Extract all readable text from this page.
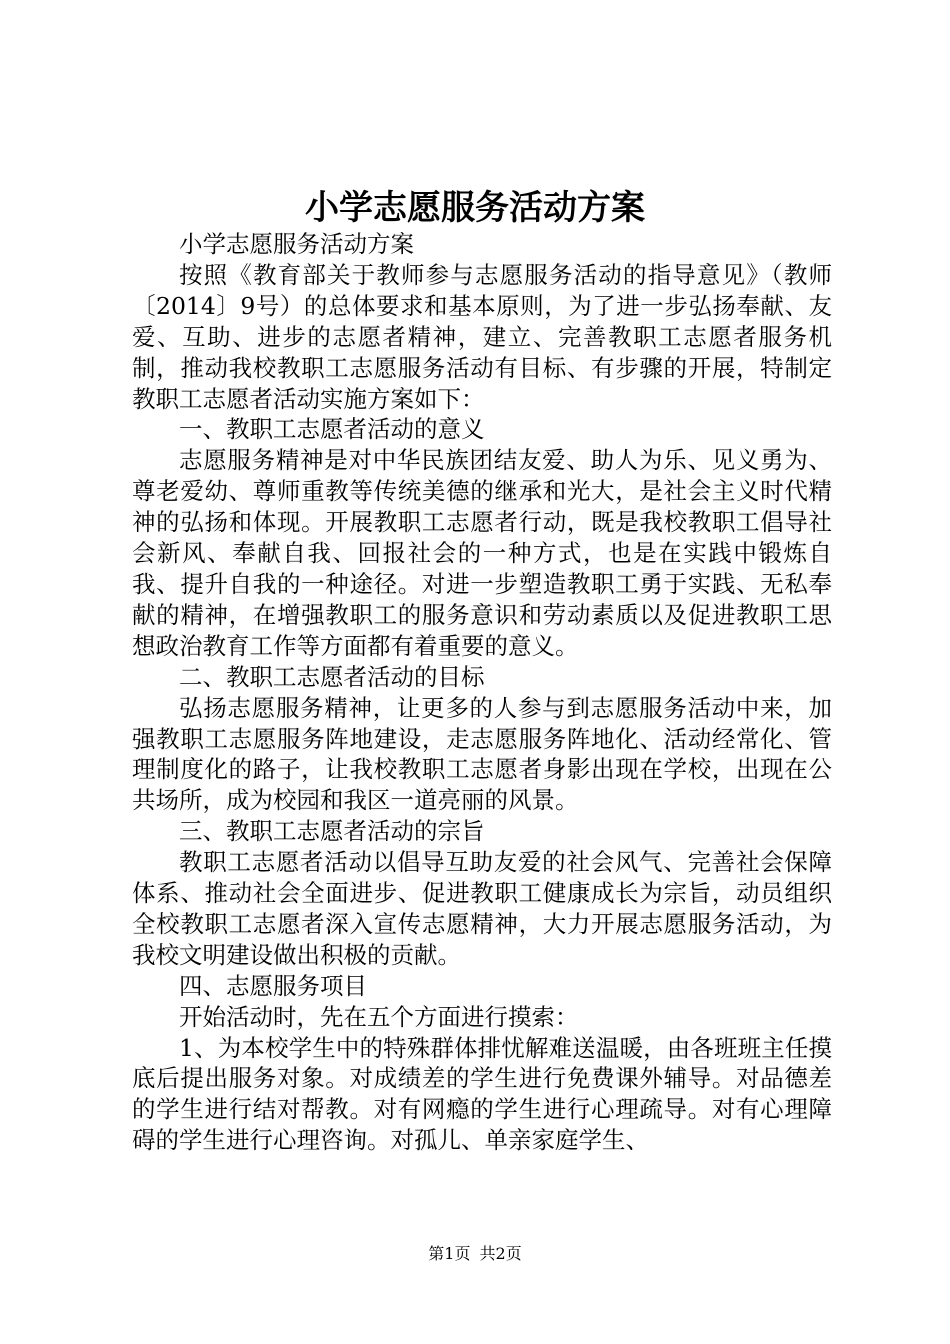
小学志愿服务活动方案

小学志愿服务活动方案

按照《教育部关于教师参与志愿服务活动的指导意见》（教师〔2014〕9号）的总体要求和基本原则，为了进一步弘扬奉献、友爱、互助、进步的志愿者精神，建立、完善教职工志愿者服务机制，推动我校教职工志愿服务活动有目标、有步骤的开展，特制定教职工志愿者活动实施方案如下：

一、教职工志愿者活动的意义

志愿服务精神是对中华民族团结友爱、助人为乐、见义勇为、尊老爱幼、尊师重教等传统美德的继承和光大，是社会主义时代精神的弘扬和体现。开展教职工志愿者行动，既是我校教职工倡导社会新风、奉献自我、回报社会的一种方式，也是在实践中锻炼自我、提升自我的一种途径。对进一步塑造教职工勇于实践、无私奉献的精神，在增强教职工的服务意识和劳动素质以及促进教职工思想政治教育工作等方面都有着重要的意义。

二、教职工志愿者活动的目标

弘扬志愿服务精神，让更多的人参与到志愿服务活动中来，加强教职工志愿服务阵地建设，走志愿服务阵地化、活动经常化、管理制度化的路子，让我校教职工志愿者身影出现在学校，出现在公共场所，成为校园和我区一道亮丽的风景。

三、教职工志愿者活动的宗旨

教职工志愿者活动以倡导互助友爱的社会风气、完善社会保障体系、推动社会全面进步、促进教职工健康成长为宗旨，动员组织全校教职工志愿者深入宣传志愿精神，大力开展志愿服务活动，为我校文明建设做出积极的贡献。

四、志愿服务项目

开始活动时，先在五个方面进行摸索：

1、为本校学生中的特殊群体排忧解难送温暖，由各班班主任摸底后提出服务对象。对成绩差的学生进行免费课外辅导。对品德差的学生进行结对帮教。对有网瘾的学生进行心理疏导。对有心理障碍的学生进行心理咨询。对孤儿、单亲家庭学生、

第1页 共2页
